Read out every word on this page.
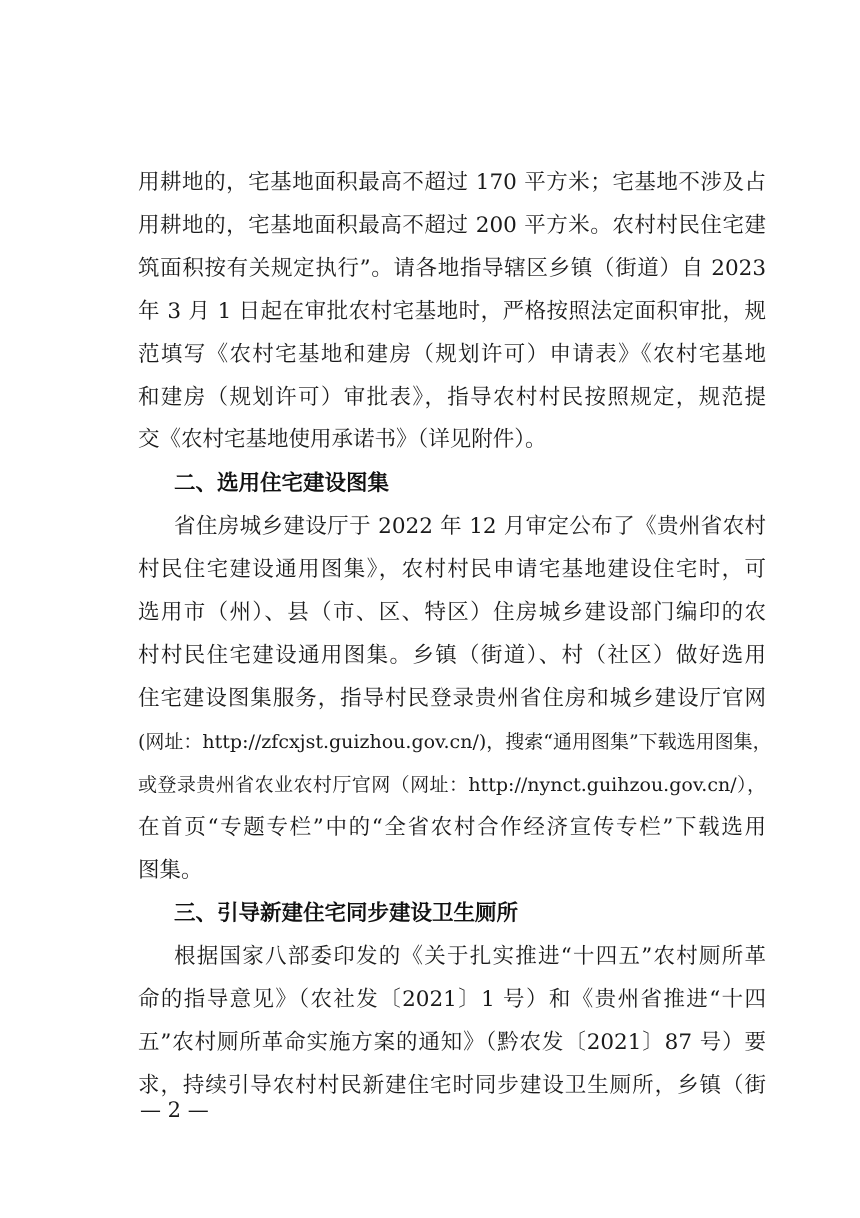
用耕地的，宅基地面积最高不超过 170 平方米；宅基地不涉及占
用耕地的，宅基地面积最高不超过 200 平方米。农村村民住宅建
筑面积按有关规定执行”。请各地指导辖区乡镇（街道）自 2023
年 3 月 1 日起在审批农村宅基地时，严格按照法定面积审批，规
范填写《农村宅基地和建房（规划许可）申请表》《农村宅基地
和建房（规划许可）审批表》，指导农村村民按照规定，规范提
交《农村宅基地使用承诺书》（详见附件）。
二、选用住宅建设图集
省住房城乡建设厅于 2022 年 12 月审定公布了《贵州省农村
村民住宅建设通用图集》，农村村民申请宅基地建设住宅时，可
选用市（州）、县（市、区、特区）住房城乡建设部门编印的农
村村民住宅建设通用图集。乡镇（街道）、村（社区）做好选用
住宅建设图集服务，指导村民登录贵州省住房和城乡建设厅官网
(网址：http://zfcxjst.guizhou.gov.cn/)，搜索“通用图集”下载选用图集，
或登录贵州省农业农村厅官网（网址：http://nynct.guihzou.gov.cn/），
在首页“专题专栏”中的“全省农村合作经济宣传专栏”下载选用
图集。
三、引导新建住宅同步建设卫生厕所
根据国家八部委印发的《关于扎实推进“十四五”农村厕所革
命的指导意见》（农社发〔2021〕1 号）和《贵州省推进“十四
五”农村厕所革命实施方案的通知》（黔农发〔2021〕87 号）要
求，持续引导农村村民新建住宅时同步建设卫生厕所，乡镇（街
— 2 —
